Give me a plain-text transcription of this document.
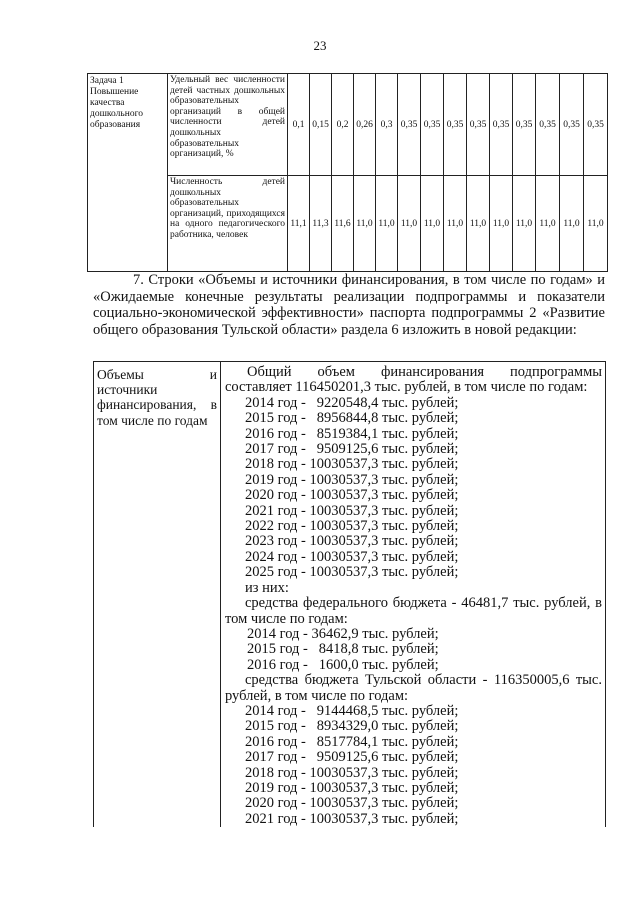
23
Задача 1 Повышение качества дошкольного образования	Удельный вес численности детей частных дошкольных образовательных организаций в общей численности детей дошкольных образовательных организаций, %	0,1	0,15	0,2	0,26	0,3	0,35	0,35	0,35	0,35	0,35	0,35	0,35	0,35	0,35
	Численность детей дошкольных образовательных организаций, приходящихся на одного педагогического работника, человек	11,1	11,3	11,6	11,0	11,0	11,0	11,0	11,0	11,0	11,0	11,0	11,0	11,0	11,0
7. Строки «Объемы и источники финансирования, в том числе по годам» и «Ожидаемые конечные результаты реализации подпрограммы и показатели социально-экономической эффективности» паспорта подпрограммы 2 «Развитие общего образования Тульской области» раздела 6 изложить в новой редакции:
Объемы и источники финансирования, в том числе по годам	
Общий объем финансирования подпрограммы составляет 116450201,3 тыс. рублей, в том числе по годам:
2014 год -   9220548,4 тыс. рублей;
2015 год -   8956844,8 тыс. рублей;
2016 год -   8519384,1 тыс. рублей;
2017 год -   9509125,6 тыс. рублей;
2018 год - 10030537,3 тыс. рублей;
2019 год - 10030537,3 тыс. рублей;
2020 год - 10030537,3 тыс. рублей;
2021 год - 10030537,3 тыс. рублей;
2022 год - 10030537,3 тыс. рублей;
2023 год - 10030537,3 тыс. рублей;
2024 год - 10030537,3 тыс. рублей;
2025 год - 10030537,3 тыс. рублей;
из них:
средства федерального бюджета - 46481,7 тыс. рублей, в том числе по годам:
2014 год - 36462,9 тыс. рублей;
2015 год -   8418,8 тыс. рублей;
2016 год -   1600,0 тыс. рублей;
средства бюджета Тульской области - 116350005,6 тыс. рублей, в том числе по годам:
2014 год -   9144468,5 тыс. рублей;
2015 год -   8934329,0 тыс. рублей;
2016 год -   8517784,1 тыс. рублей;
2017 год -   9509125,6 тыс. рублей;
2018 год - 10030537,3 тыс. рублей;
2019 год - 10030537,3 тыс. рублей;
2020 год - 10030537,3 тыс. рублей;
2021 год - 10030537,3 тыс. рублей;
